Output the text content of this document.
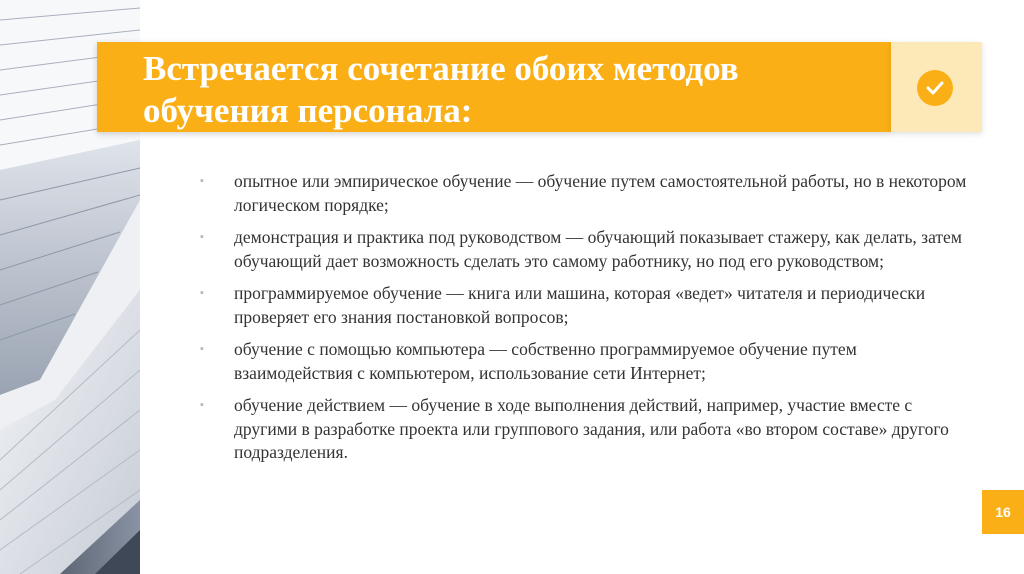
Встречается сочетание обоих методов
обучения персонала:
▪ опытное или эмпирическое обучение — обучение путем самостоятельной работы, но в некотором логическом порядке;
▪ демонстрация и практика под руководством — обучающий показывает стажеру, как делать, затем обучающий дает возможность сделать это самому работнику, но под его руководством;
▪ программируемое обучение — книга или машина, которая «ведет» читателя и периодически проверяет его знания постановкой вопросов;
▪ обучение с помощью компьютера — собственно программируемое обучение путем взаимодействия с компьютером, использование сети Интернет;
▪ обучение действием — обучение в ходе выполнения действий, например, участие вместе с другими в разработке проекта или группового задания, или работа «во втором составе» другого подразделения.
16
